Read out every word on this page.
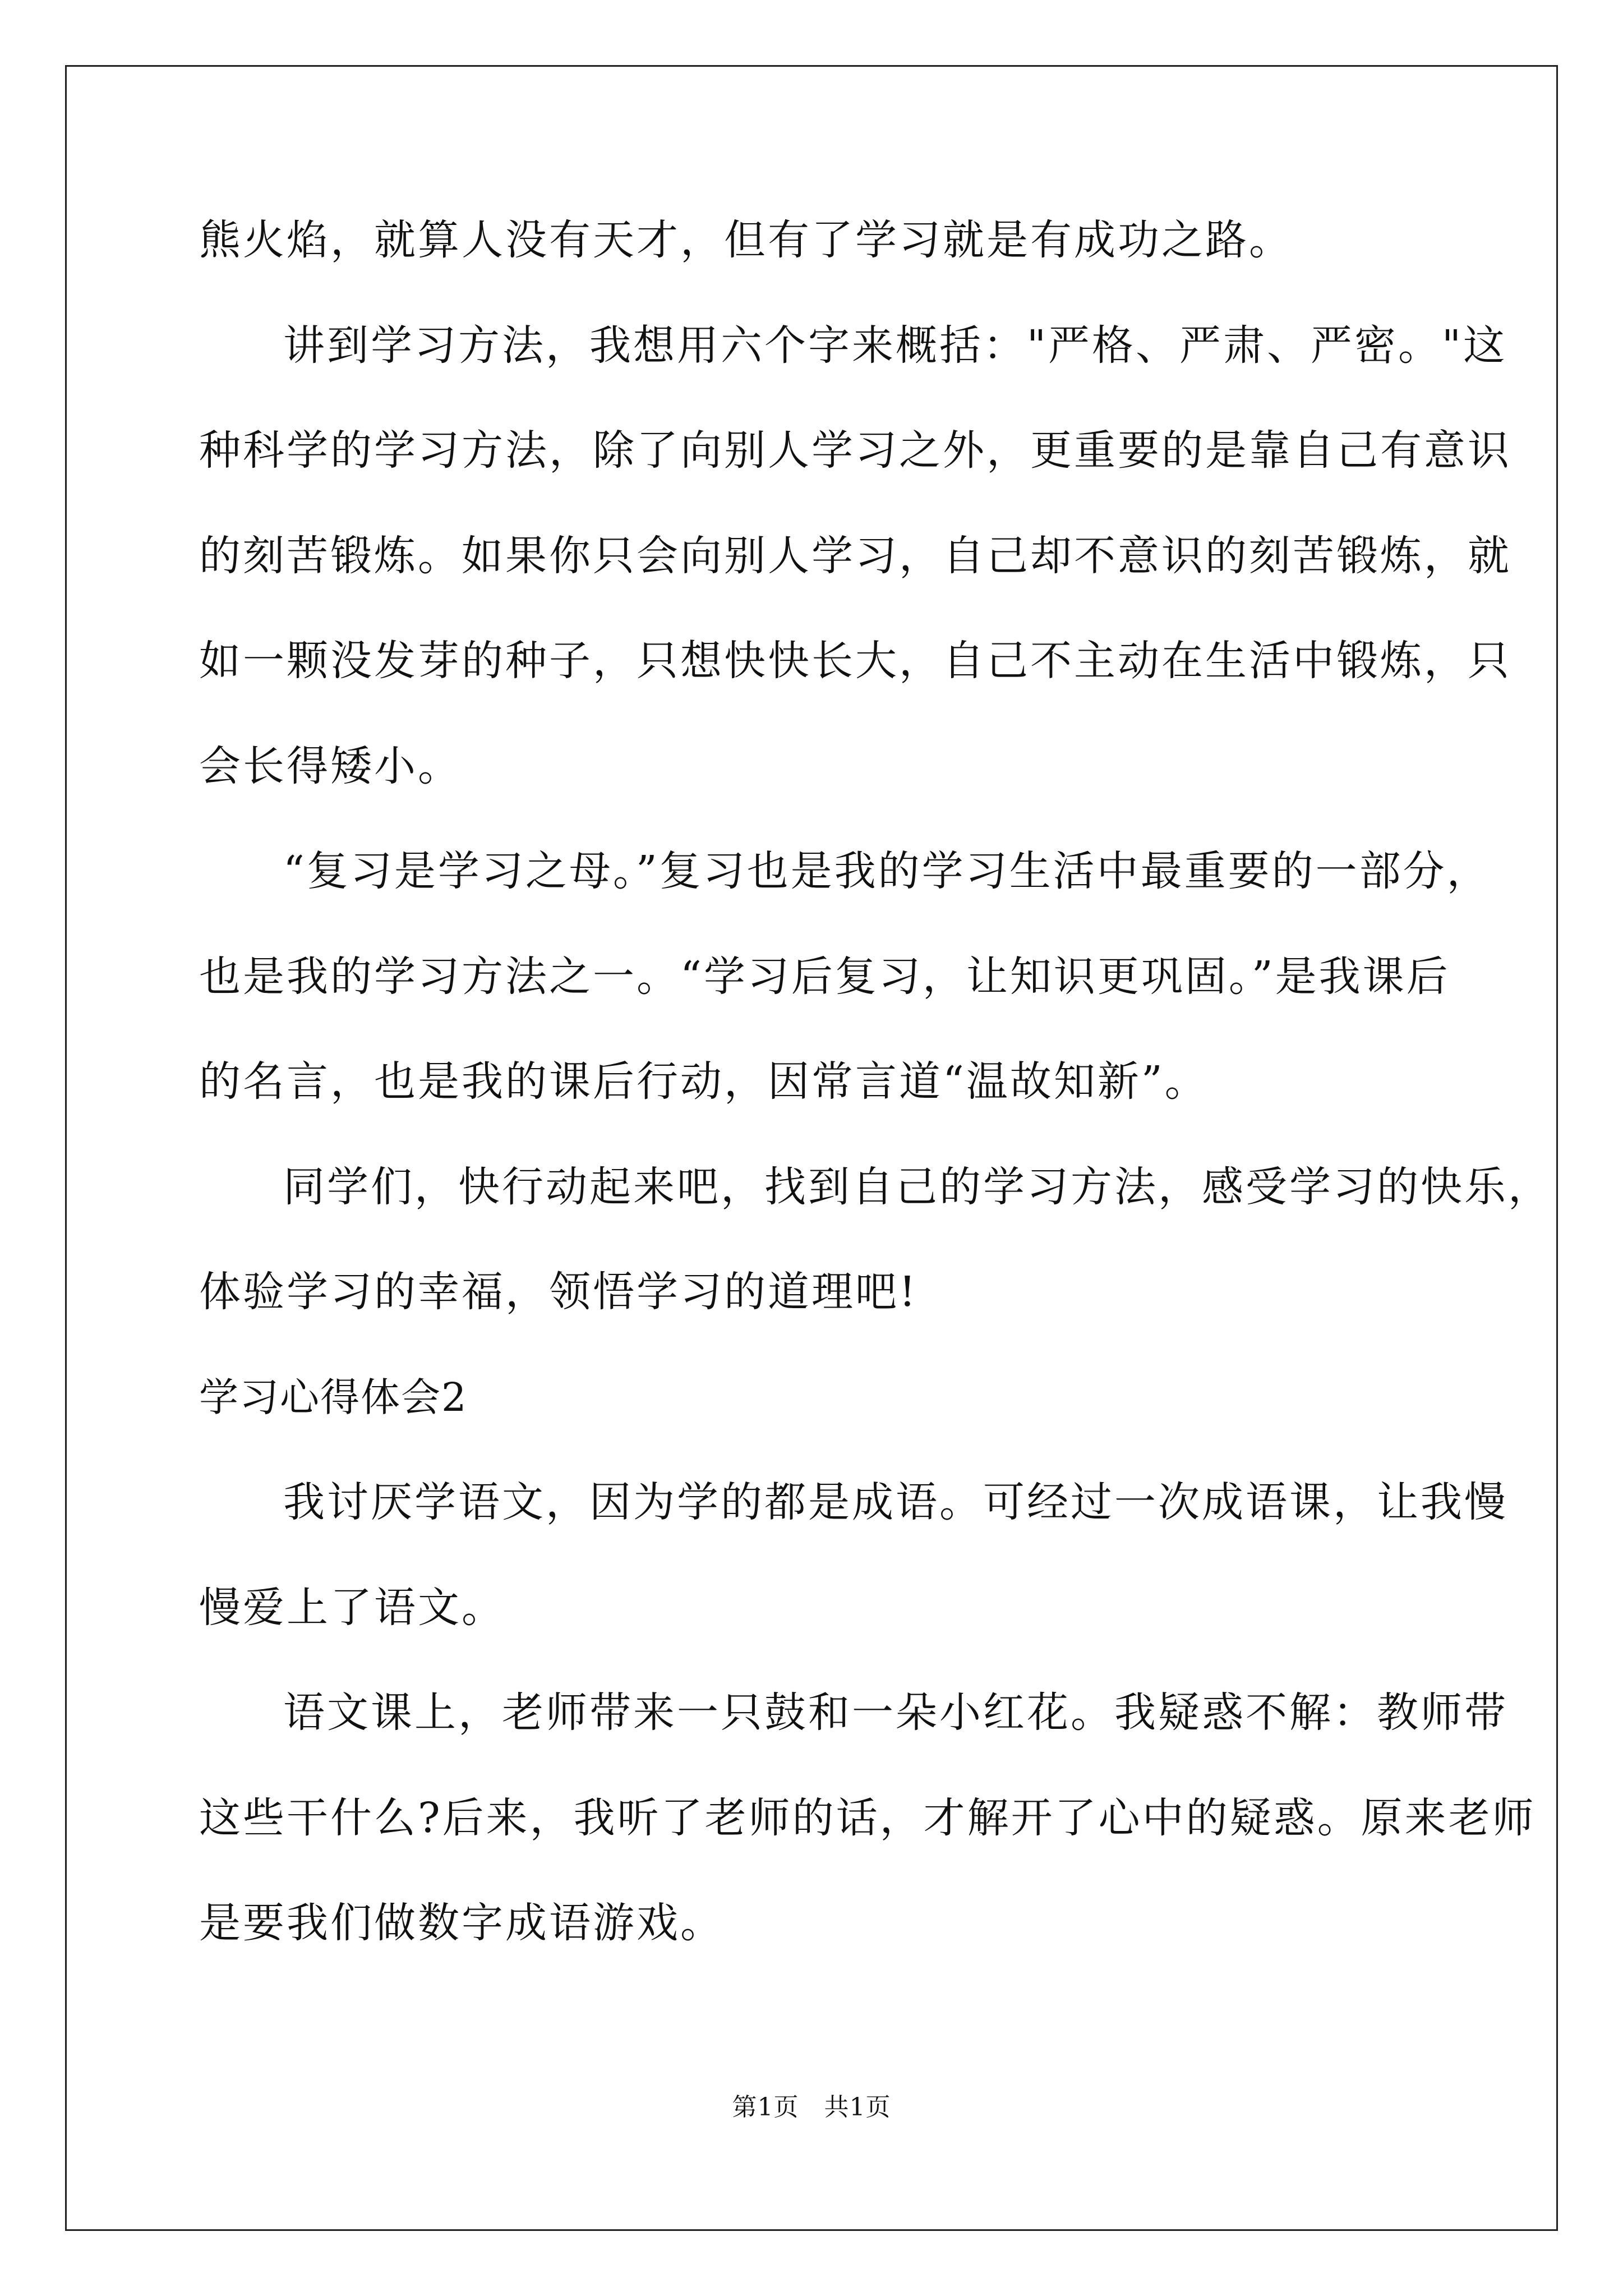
熊火焰，就算人没有天才，但有了学习就是有成功之路。
讲到学习方法，我想用六个字来概括："严格、严肃、严密。"这
种科学的学习方法，除了向别人学习之外，更重要的是靠自己有意识
的刻苦锻炼。如果你只会向别人学习，自己却不意识的刻苦锻炼，就
如一颗没发芽的种子，只想快快长大，自己不主动在生活中锻炼，只
会长得矮小。
“复习是学习之母。”复习也是我的学习生活中最重要的一部分，
也是我的学习方法之一。“学习后复习，让知识更巩固。”是我课后
的名言，也是我的课后行动，因常言道“温故知新”。
同学们，快行动起来吧，找到自己的学习方法，感受学习的快乐，
体验学习的幸福，领悟学习的道理吧!
学习心得体会2
我讨厌学语文，因为学的都是成语。可经过一次成语课，让我慢
慢爱上了语文。
语文课上，老师带来一只鼓和一朵小红花。我疑惑不解：教师带
这些干什么?后来，我听了老师的话，才解开了心中的疑惑。原来老师
是要我们做数字成语游戏。
第1页　共1页
